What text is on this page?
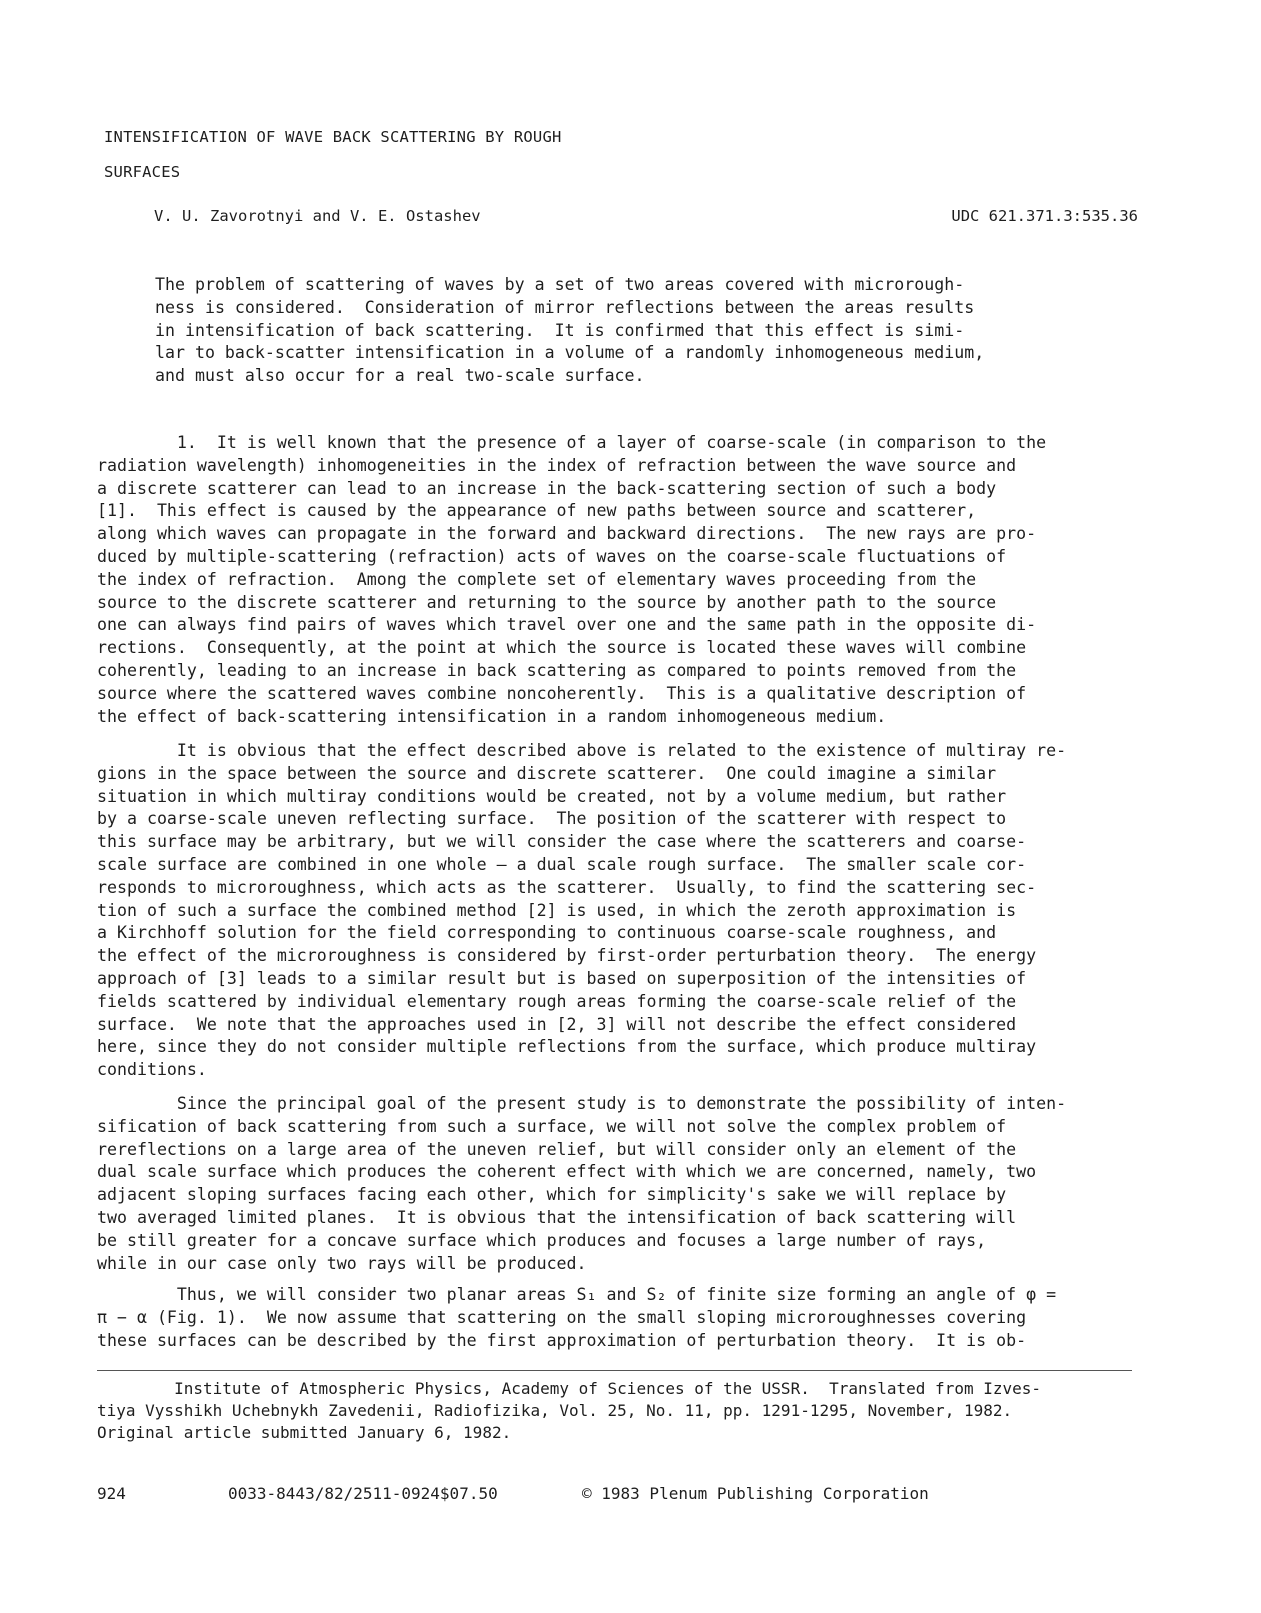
INTENSIFICATION OF WAVE BACK SCATTERING BY ROUGH
SURFACES
V. U. Zavorotnyi and V. E. Ostashev	UDC 621.371.3:535.36
The problem of scattering of waves by a set of two areas covered with microrough-
ness is considered.  Consideration of mirror reflections between the areas results
in intensification of back scattering.  It is confirmed that this effect is simi-
lar to back-scatter intensification in a volume of a randomly inhomogeneous medium,
and must also occur for a real two-scale surface.
1.  It is well known that the presence of a layer of coarse-scale (in comparison to the
radiation wavelength) inhomogeneities in the index of refraction between the wave source and
a discrete scatterer can lead to an increase in the back-scattering section of such a body
[1].  This effect is caused by the appearance of new paths between source and scatterer,
along which waves can propagate in the forward and backward directions.  The new rays are pro-
duced by multiple-scattering (refraction) acts of waves on the coarse-scale fluctuations of
the index of refraction.  Among the complete set of elementary waves proceeding from the
source to the discrete scatterer and returning to the source by another path to the source
one can always find pairs of waves which travel over one and the same path in the opposite di-
rections.  Consequently, at the point at which the source is located these waves will combine
coherently, leading to an increase in back scattering as compared to points removed from the
source where the scattered waves combine noncoherently.  This is a qualitative description of
the effect of back-scattering intensification in a random inhomogeneous medium.
It is obvious that the effect described above is related to the existence of multiray re-
gions in the space between the source and discrete scatterer.  One could imagine a similar
situation in which multiray conditions would be created, not by a volume medium, but rather
by a coarse-scale uneven reflecting surface.  The position of the scatterer with respect to
this surface may be arbitrary, but we will consider the case where the scatterers and coarse-
scale surface are combined in one whole — a dual scale rough surface.  The smaller scale cor-
responds to microroughness, which acts as the scatterer.  Usually, to find the scattering sec-
tion of such a surface the combined method [2] is used, in which the zeroth approximation is
a Kirchhoff solution for the field corresponding to continuous coarse-scale roughness, and
the effect of the microroughness is considered by first-order perturbation theory.  The energy
approach of [3] leads to a similar result but is based on superposition of the intensities of
fields scattered by individual elementary rough areas forming the coarse-scale relief of the
surface.  We note that the approaches used in [2, 3] will not describe the effect considered
here, since they do not consider multiple reflections from the surface, which produce multiray
conditions.
Since the principal goal of the present study is to demonstrate the possibility of inten-
sification of back scattering from such a surface, we will not solve the complex problem of
rereflections on a large area of the uneven relief, but will consider only an element of the
dual scale surface which produces the coherent effect with which we are concerned, namely, two
adjacent sloping surfaces facing each other, which for simplicity's sake we will replace by
two averaged limited planes.  It is obvious that the intensification of back scattering will
be still greater for a concave surface which produces and focuses a large number of rays,
while in our case only two rays will be produced.
Thus, we will consider two planar areas S₁ and S₂ of finite size forming an angle of φ =
π − α (Fig. 1).  We now assume that scattering on the small sloping microroughnesses covering
these surfaces can be described by the first approximation of perturbation theory.  It is ob-
Institute of Atmospheric Physics, Academy of Sciences of the USSR.  Translated from Izves-
tiya Vysshikh Uchebnykh Zavedenii, Radiofizika, Vol. 25, No. 11, pp. 1291-1295, November, 1982.
Original article submitted January 6, 1982.
924	0033-8443/82/2511-0924$07.50	© 1983 Plenum Publishing Corporation
